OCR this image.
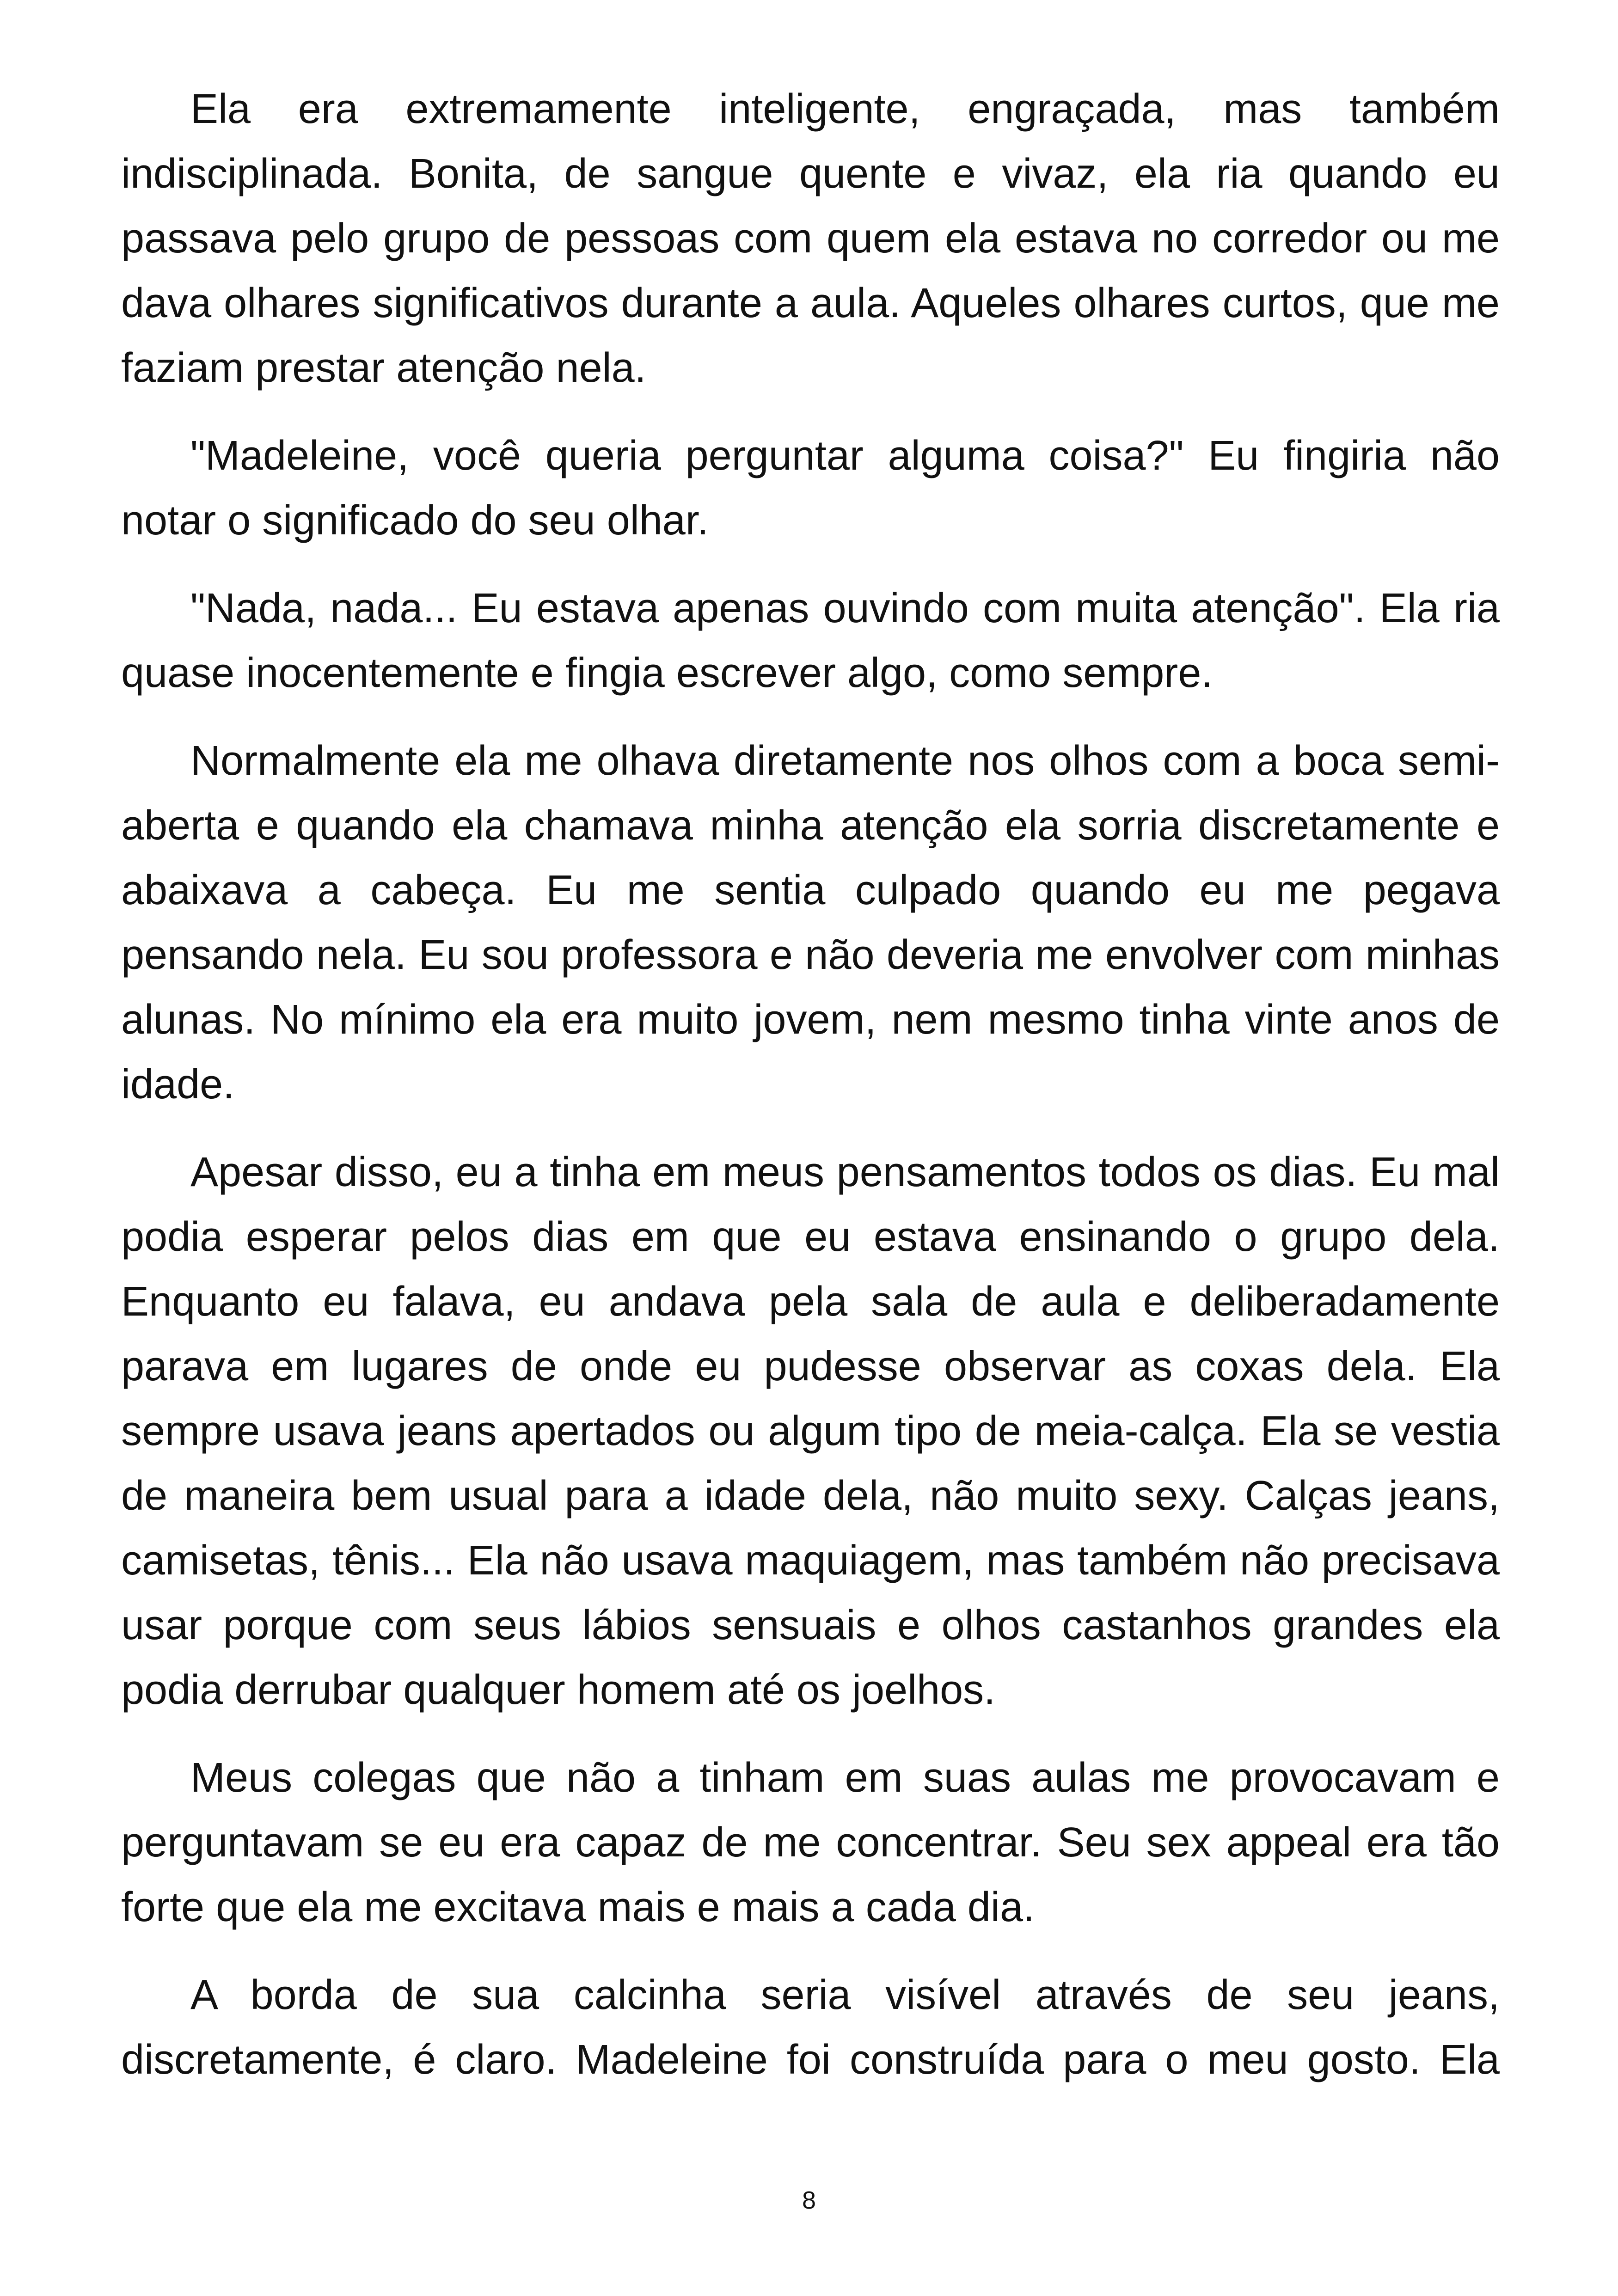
Ela era extremamente inteligente, engraçada, mas também indisciplinada. Bonita, de sangue quente e vivaz, ela ria quando eu passava pelo grupo de pessoas com quem ela estava no corredor ou me dava olhares significativos durante a aula. Aqueles olhares curtos, que me faziam prestar atenção nela.

"Madeleine, você queria perguntar alguma coisa?" Eu fingiria não notar o significado do seu olhar.

"Nada, nada... Eu estava apenas ouvindo com muita atenção". Ela ria quase inocentemente e fingia escrever algo, como sempre.

Normalmente ela me olhava diretamente nos olhos com a boca semi-aberta e quando ela chamava minha atenção ela sorria discretamente e abaixava a cabeça. Eu me sentia culpado quando eu me pegava pensando nela. Eu sou professora e não deveria me envolver com minhas alunas. No mínimo ela era muito jovem, nem mesmo tinha vinte anos de idade.

Apesar disso, eu a tinha em meus pensamentos todos os dias. Eu mal podia esperar pelos dias em que eu estava ensinando o grupo dela. Enquanto eu falava, eu andava pela sala de aula e deliberadamente parava em lugares de onde eu pudesse observar as coxas dela. Ela sempre usava jeans apertados ou algum tipo de meia-calça. Ela se vestia de maneira bem usual para a idade dela, não muito sexy. Calças jeans, camisetas, tênis... Ela não usava maquiagem, mas também não precisava usar porque com seus lábios sensuais e olhos castanhos grandes ela podia derrubar qualquer homem até os joelhos.

Meus colegas que não a tinham em suas aulas me provocavam e perguntavam se eu era capaz de me concentrar. Seu sex appeal era tão forte que ela me excitava mais e mais a cada dia.

A borda de sua calcinha seria visível através de seu jeans, discretamente, é claro. Madeleine foi construída para o meu gosto. Ela

8
